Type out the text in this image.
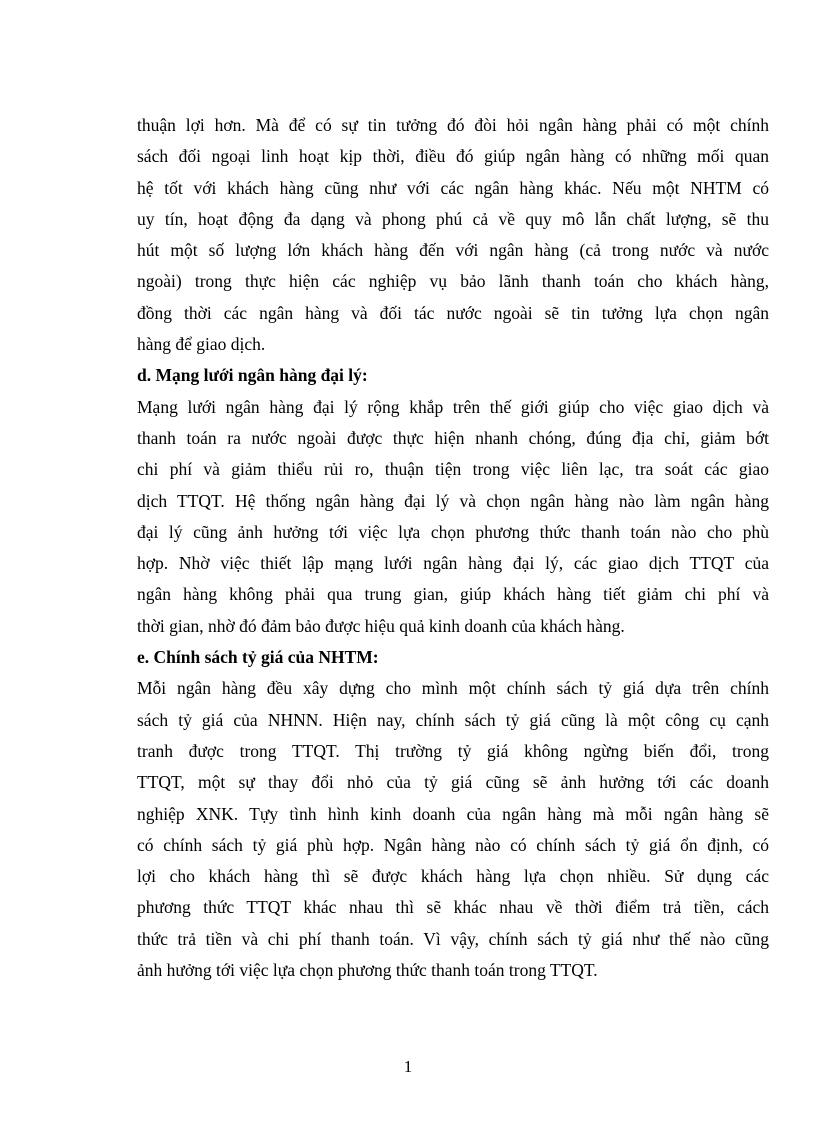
thuận lợi hơn. Mà để có sự tin tưởng đó đòi hỏi ngân hàng phải có một chính
sách đối ngoại linh hoạt kịp thời, điều đó giúp ngân hàng có những mối quan
hệ tốt với khách hàng cũng như với các ngân hàng khác. Nếu một NHTM có
uy tín, hoạt động đa dạng và phong phú cả về quy mô lẫn chất lượng, sẽ thu
hút một số lượng lớn khách hàng đến với ngân hàng (cả trong nước và nước
ngoài) trong thực hiện các nghiệp vụ bảo lãnh thanh toán cho khách hàng,
đồng thời các ngân hàng và đối tác nước ngoài sẽ tin tưởng lựa chọn ngân
hàng để giao dịch.

d. Mạng lưới ngân hàng đại lý:

Mạng lưới ngân hàng đại lý rộng khắp trên thế giới giúp cho việc giao dịch và
thanh toán ra nước ngoài được thực hiện nhanh chóng, đúng địa chỉ, giảm bớt
chi phí và giảm thiểu rủi ro, thuận tiện trong việc liên lạc, tra soát các giao
dịch TTQT. Hệ thống ngân hàng đại lý và chọn ngân hàng nào làm ngân hàng
đại lý cũng ảnh hưởng tới việc lựa chọn phương thức thanh toán nào cho phù
hợp. Nhờ việc thiết lập mạng lưới ngân hàng đại lý, các giao dịch TTQT của
ngân hàng không phải qua trung gian, giúp khách hàng tiết giảm chi phí và
thời gian, nhờ đó đảm bảo được hiệu quả kinh doanh của khách hàng.

e. Chính sách tỷ giá của NHTM:

Mỗi ngân hàng đều xây dựng cho mình một chính sách tỷ giá dựa trên chính
sách tỷ giá của NHNN. Hiện nay, chính sách tỷ giá cũng là một công cụ cạnh
tranh được trong TTQT. Thị trường tỷ giá không ngừng biến đổi, trong
TTQT, một sự thay đổi nhỏ của tỷ giá cũng sẽ ảnh hưởng tới các doanh
nghiệp XNK. Tựy tình hình kinh doanh của ngân hàng mà mỗi ngân hàng sẽ
có chính sách tỷ giá phù hợp. Ngân hàng nào có chính sách tỷ giá ổn định, có
lợi cho khách hàng thì sẽ được khách hàng lựa chọn nhiều. Sử dụng các
phương thức TTQT khác nhau thì sẽ khác nhau về thời điểm trả tiền, cách
thức trả tiền và chi phí thanh toán. Vì vậy, chính sách tỷ giá như thế nào cũng
ảnh hưởng tới việc lựa chọn phương thức thanh toán trong TTQT.

1
